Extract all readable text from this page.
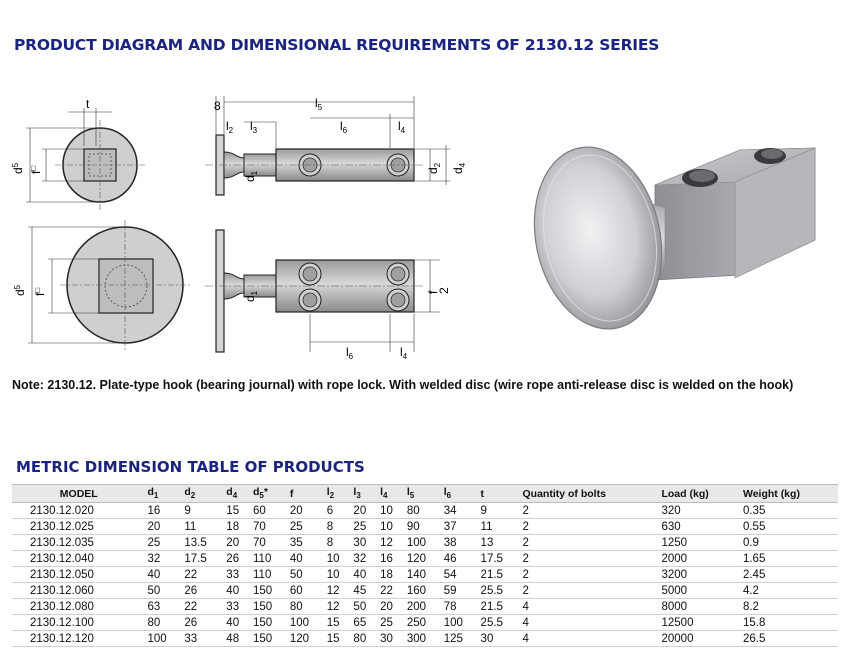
PRODUCT DIAGRAM AND DIMENSIONAL REQUIREMENTS OF 2130.12 SERIES
t
$d^5$
f□
8	$l_5$
$l_6$	$l_4$
$l_3$
$l_2$
$d_1$	$d_2$
$d_4$
$d^5$
f□
$d_1$	f
2
$l_6$	$l_4$
Note: 2130.12. Plate-type hook (bearing journal) with rope lock. With welded disc (wire rope anti-release disc is welded on the hook)
METRIC DIMENSION TABLE OF PRODUCTS
MODEL	$d_1$	$d_2$	$d_4$	$d_5*$	f	$l_2$	$l_3$	$l_4$	$l_5$	$l_6$	t	Quantity of bolts	Load (kg)	Weight (kg)
2130.12.020	16	9	15	60	20	6	20	10	80	34	9	2	320	0.35
2130.12.025	20	11	18	70	25	8	25	10	90	37	11	2	630	0.55
2130.12.035	25	13.5	20	70	35	8	30	12	100	38	13	2	1250	0.9
2130.12.040	32	17.5	26	110	40	10	32	16	120	46	17.5	2	2000	1.65
2130.12.050	40	22	33	110	50	10	40	18	140	54	21.5	2	3200	2.45
2130.12.060	50	26	40	150	60	12	45	22	160	59	25.5	2	5000	4.2
2130.12.080	63	22	33	150	80	12	50	20	200	78	21.5	4	8000	8.2
2130.12.100	80	26	40	150	100	15	65	25	250	100	25.5	4	12500	15.8
2130.12.120	100	33	48	150	120	15	80	30	300	125	30	4	20000	26.5
